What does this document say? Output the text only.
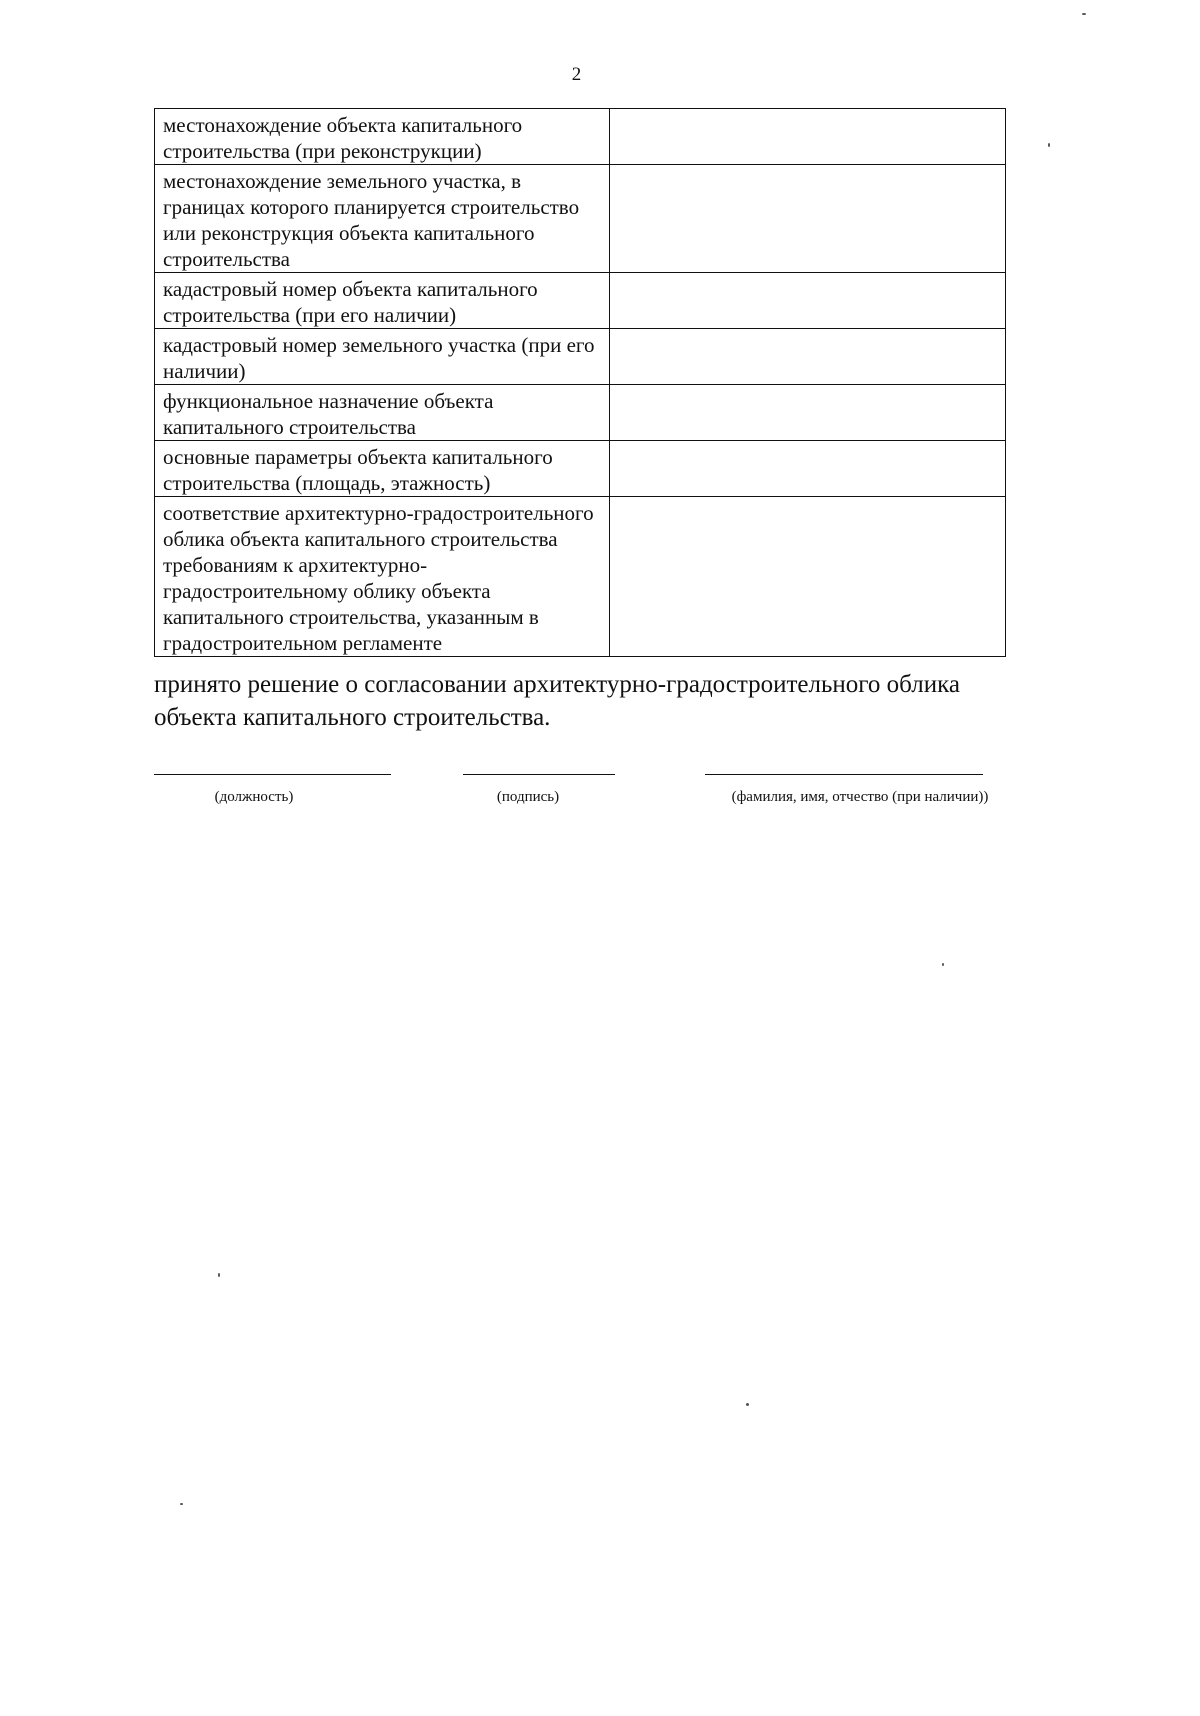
2
местонахождение объекта капитального строительства (при реконструкции)	
местонахождение земельного участка, в границах которого планируется строительство или реконструкция объекта капитального строительства	
кадастровый номер объекта капитального строительства (при его наличии)	
кадастровый номер земельного участка (при его наличии)	
функциональное назначение объекта капитального строительства	
основные параметры объекта капитального строительства (площадь, этажность)	
соответствие архитектурно-градостроительного облика объекта капитального строительства требованиям к архитектурно-градостроительному облику объекта капитального строительства, указанным в градостроительном регламенте	
принято решение о согласовании архитектурно-градостроительного облика объекта капитального строительства.
(должность)	(подпись)	(фамилия, имя, отчество (при наличии))
